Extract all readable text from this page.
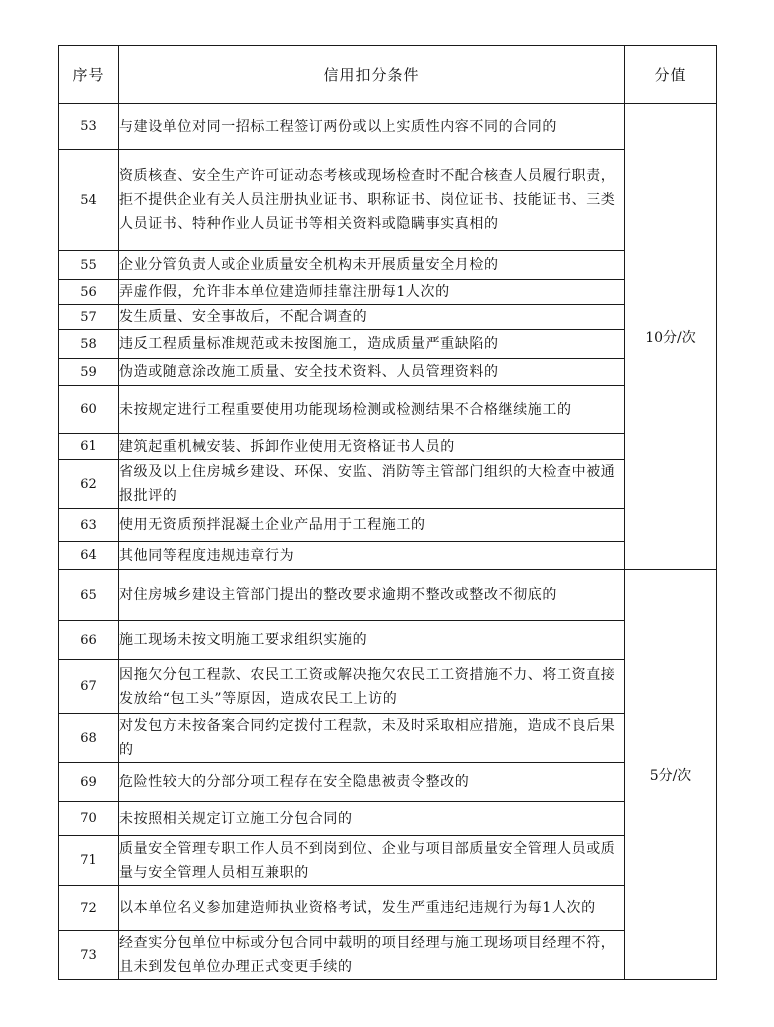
序号	信用扣分条件	分值
53	与建设单位对同一招标工程签订两份或以上实质性内容不同的合同的	10分/次
54	资质核查、安全生产许可证动态考核或现场检查时不配合核查人员履行职责，拒不提供企业有关人员注册执业证书、职称证书、岗位证书、技能证书、三类人员证书、特种作业人员证书等相关资料或隐瞒事实真相的	
55	企业分管负责人或企业质量安全机构未开展质量安全月检的	
56	弄虚作假，允许非本单位建造师挂靠注册每1人次的	
57	发生质量、安全事故后，不配合调查的	
58	违反工程质量标准规范或未按图施工，造成质量严重缺陷的	
59	伪造或随意涂改施工质量、安全技术资料、人员管理资料的	
60	未按规定进行工程重要使用功能现场检测或检测结果不合格继续施工的	
61	建筑起重机械安装、拆卸作业使用无资格证书人员的	
62	省级及以上住房城乡建设、环保、安监、消防等主管部门组织的大检查中被通报批评的	
63	使用无资质预拌混凝土企业产品用于工程施工的	
64	其他同等程度违规违章行为	
65	对住房城乡建设主管部门提出的整改要求逾期不整改或整改不彻底的	5分/次
66	施工现场未按文明施工要求组织实施的	
67	因拖欠分包工程款、农民工工资或解决拖欠农民工工资措施不力、将工资直接发放给“包工头”等原因，造成农民工上访的	
68	对发包方未按备案合同约定拨付工程款，未及时采取相应措施，造成不良后果的	
69	危险性较大的分部分项工程存在安全隐患被责令整改的	
70	未按照相关规定订立施工分包合同的	
71	质量安全管理专职工作人员不到岗到位、企业与项目部质量安全管理人员或质量与安全管理人员相互兼职的	
72	以本单位名义参加建造师执业资格考试，发生严重违纪违规行为每1人次的	
73	经查实分包单位中标或分包合同中载明的项目经理与施工现场项目经理不符，且未到发包单位办理正式变更手续的	
